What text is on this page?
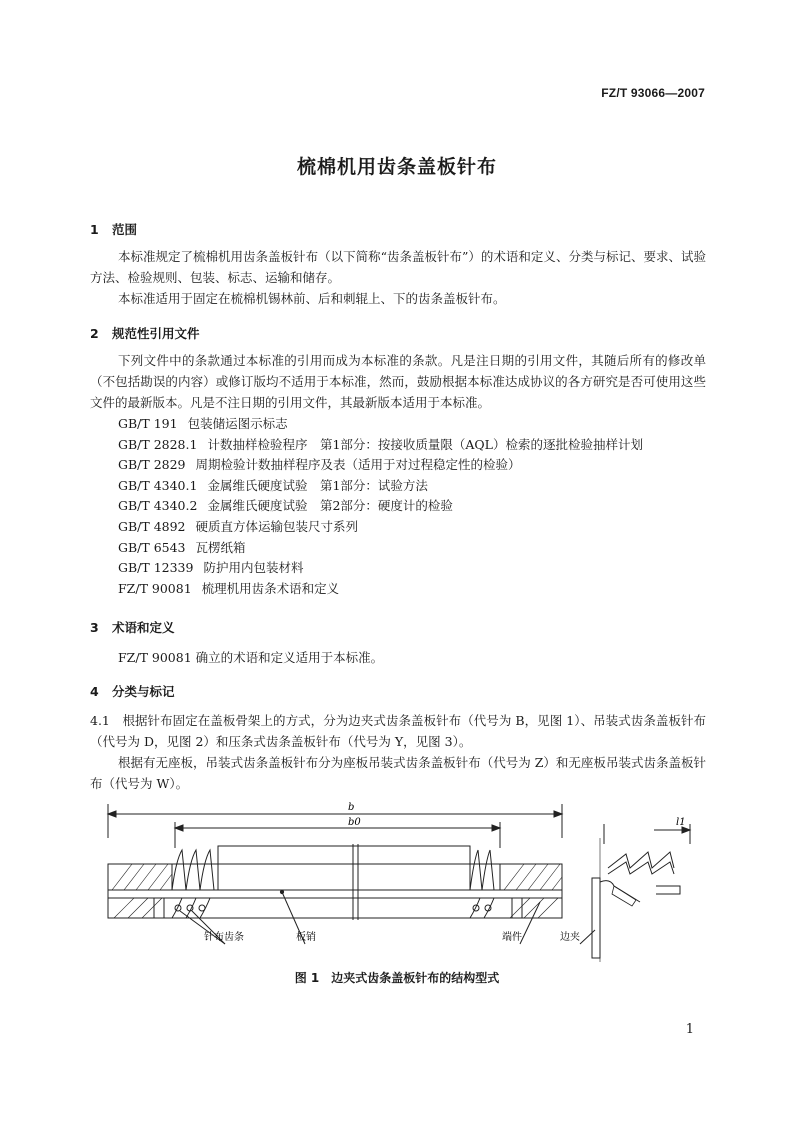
FZ/T 93066—2007
梳棉机用齿条盖板针布
1 范围
本标准规定了梳棉机用齿条盖板针布（以下简称“齿条盖板针布”）的术语和定义、分类与标记、要求、试验方法、检验规则、包装、标志、运输和储存。
本标准适用于固定在梳棉机锡林前、后和刺辊上、下的齿条盖板针布。
2 规范性引用文件
下列文件中的条款通过本标准的引用而成为本标准的条款。凡是注日期的引用文件，其随后所有的修改单（不包括勘误的内容）或修订版均不适用于本标准，然而，鼓励根据本标准达成协议的各方研究是否可使用这些文件的最新版本。凡是不注日期的引用文件，其最新版本适用于本标准。
GB/T 191 包装储运图示标志
GB/T 2828.1 计数抽样检验程序　第1部分：按接收质量限（AQL）检索的逐批检验抽样计划
GB/T 2829 周期检验计数抽样程序及表（适用于对过程稳定性的检验）
GB/T 4340.1 金属维氏硬度试验　第1部分：试验方法
GB/T 4340.2 金属维氏硬度试验　第2部分：硬度计的检验
GB/T 4892 硬质直方体运输包装尺寸系列
GB/T 6543 瓦楞纸箱
GB/T 12339 防护用内包装材料
FZ/T 90081 梳理机用齿条术语和定义
3 术语和定义
FZ/T 90081 确立的术语和定义适用于本标准。
4 分类与标记
4.1　根据针布固定在盖板骨架上的方式，分为边夹式齿条盖板针布（代号为 B，见图 1）、吊装式齿条盖板针布（代号为 D，见图 2）和压条式齿条盖板针布（代号为 Y，见图 3）。
根据有无座板，吊装式齿条盖板针布分为座板吊装式齿条盖板针布（代号为 Z）和无座板吊装式齿条盖板针布（代号为 W）。
b
b0	l1
针布齿条	板销	端件	边夹
图 1　边夹式齿条盖板针布的结构型式
1
